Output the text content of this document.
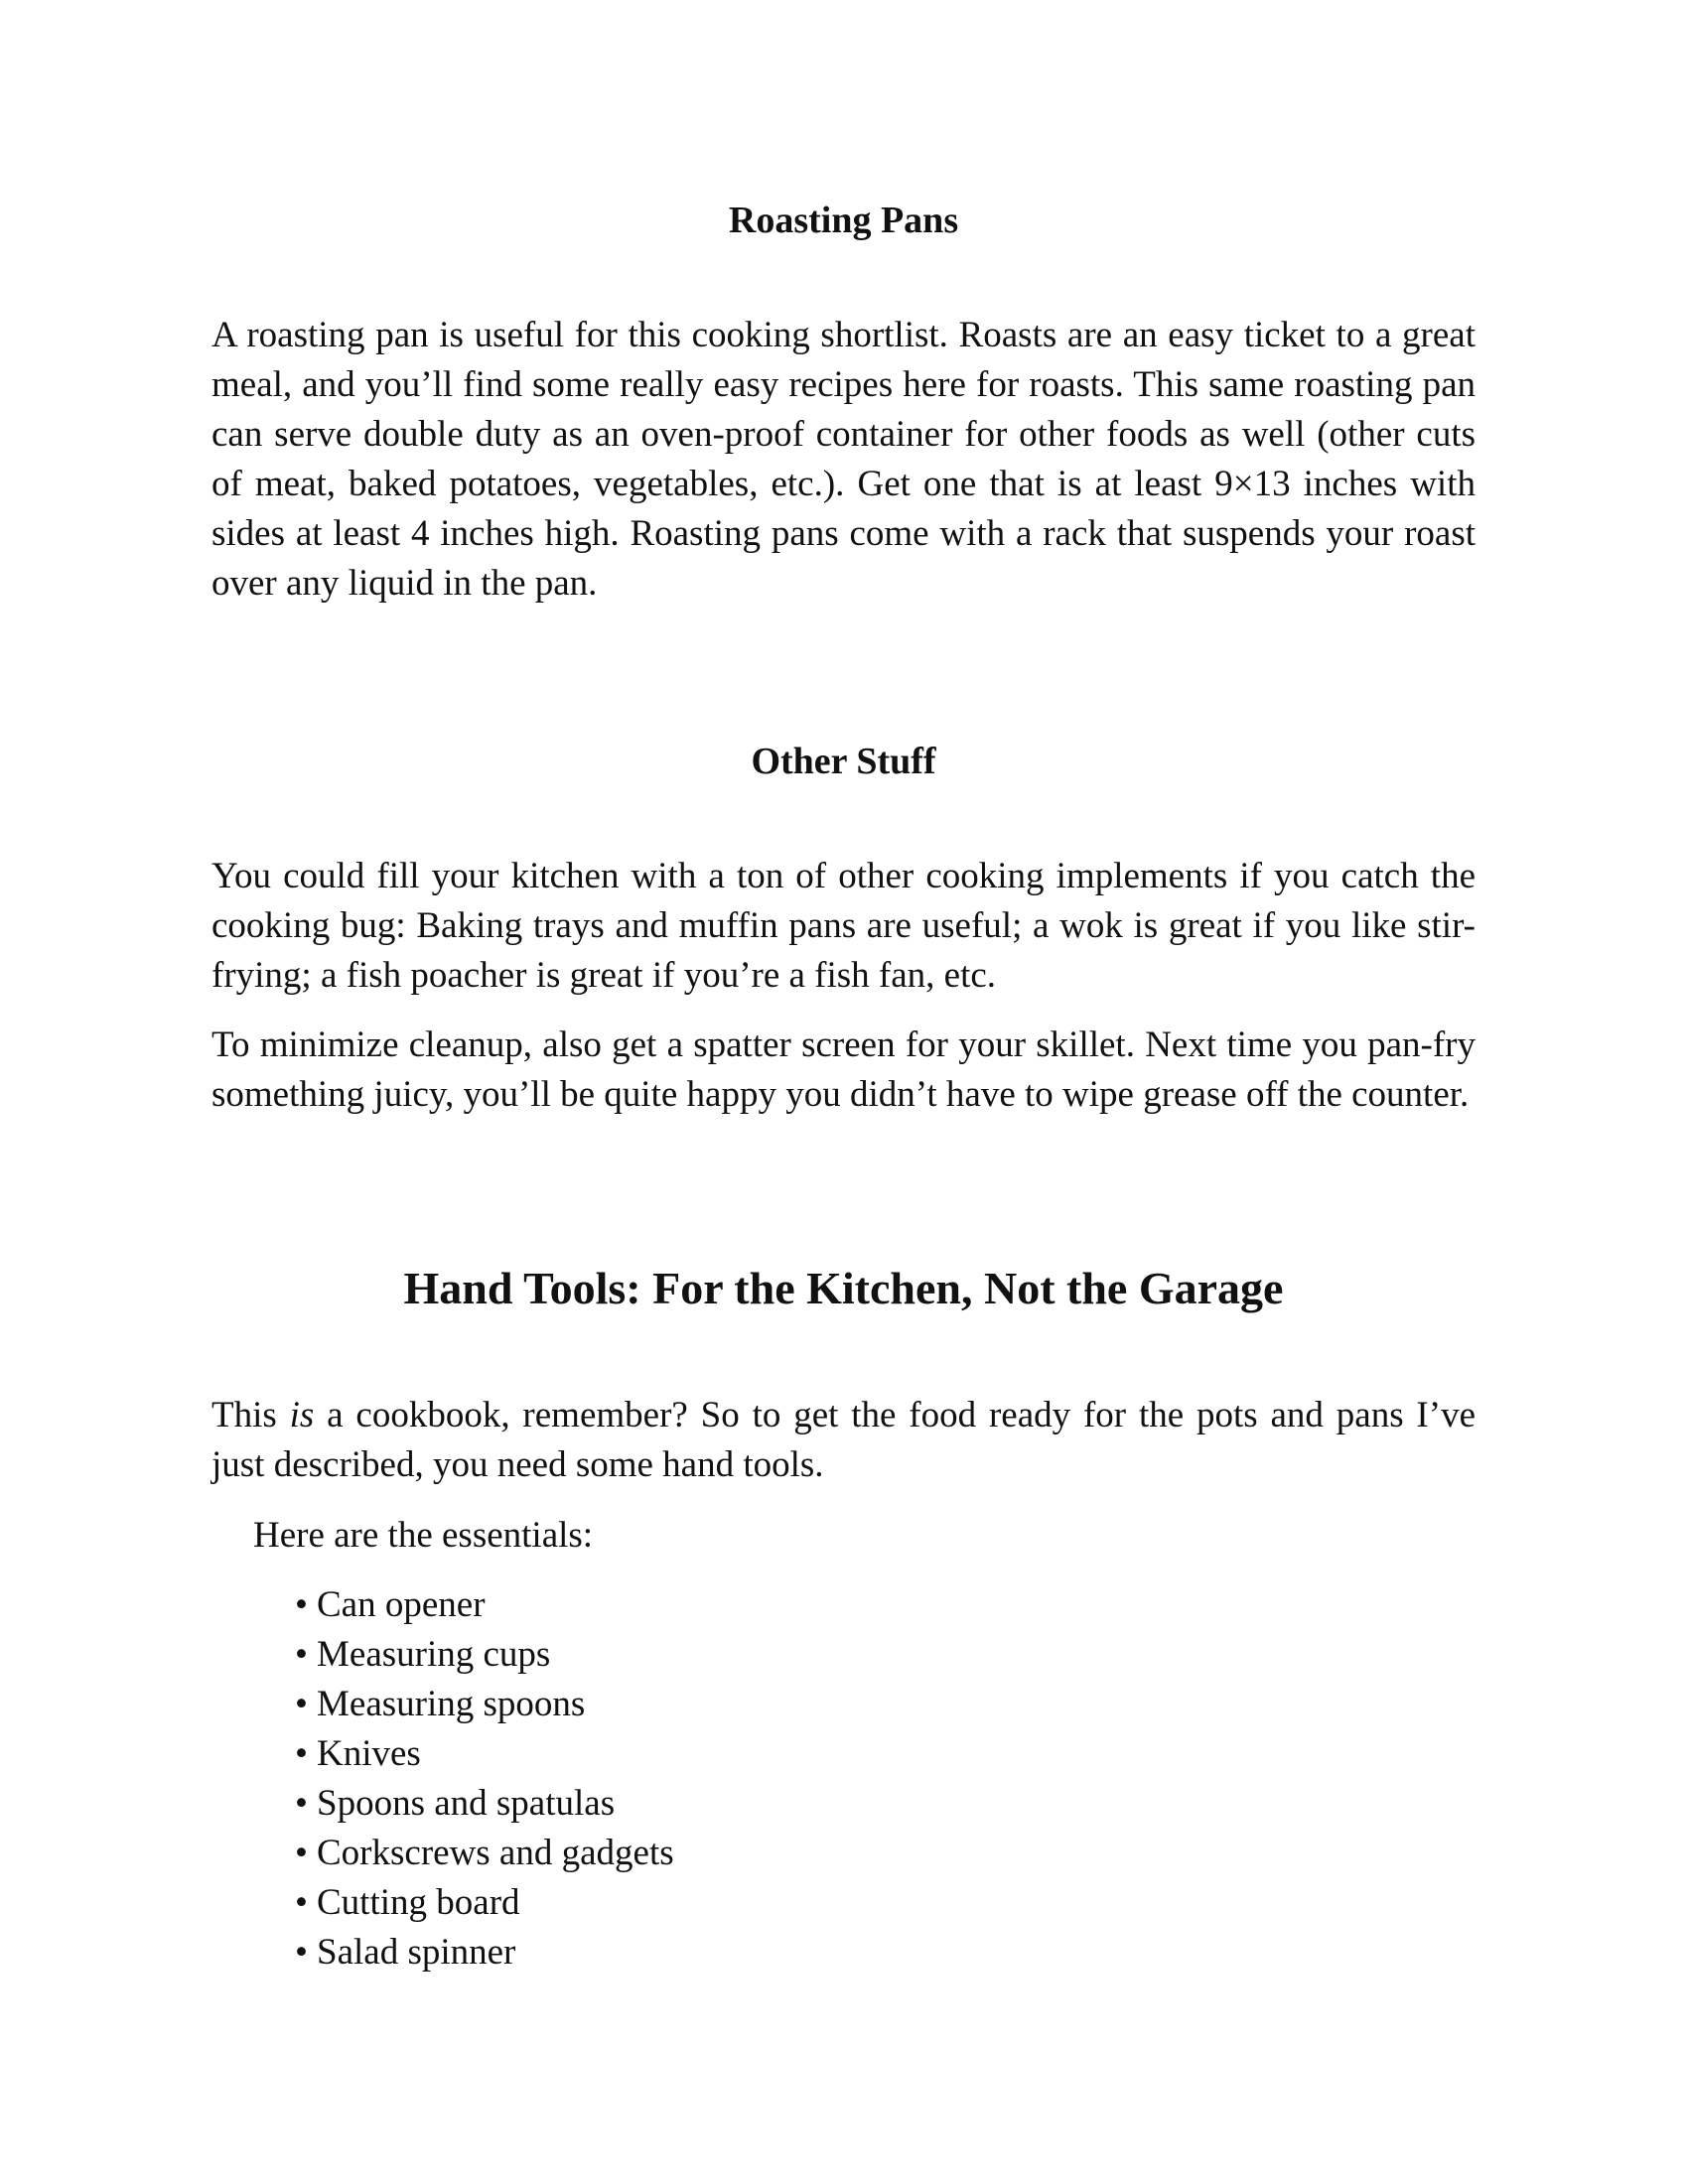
Roasting Pans

A roasting pan is useful for this cooking shortlist. Roasts are an easy ticket to a great meal, and you’ll find some really easy recipes here for roasts. This same roasting pan can serve double duty as an oven-proof container for other foods as well (other cuts of meat, baked potatoes, vegetables, etc.). Get one that is at least 9×13 inches with sides at least 4 inches high. Roasting pans come with a rack that suspends your roast over any liquid in the pan.

Other Stuff

You could fill your kitchen with a ton of other cooking implements if you catch the cooking bug: Baking trays and muffin pans are useful; a wok is great if you like stir-frying; a fish poacher is great if you’re a fish fan, etc.

To minimize cleanup, also get a spatter screen for your skillet. Next time you pan-fry something juicy, you’ll be quite happy you didn’t have to wipe grease off the counter.

Hand Tools: For the Kitchen, Not the Garage

This is a cookbook, remember? So to get the food ready for the pots and pans I’ve just described, you need some hand tools.

Here are the essentials:

• Can opener
• Measuring cups
• Measuring spoons
• Knives
• Spoons and spatulas
• Corkscrews and gadgets
• Cutting board
• Salad spinner
